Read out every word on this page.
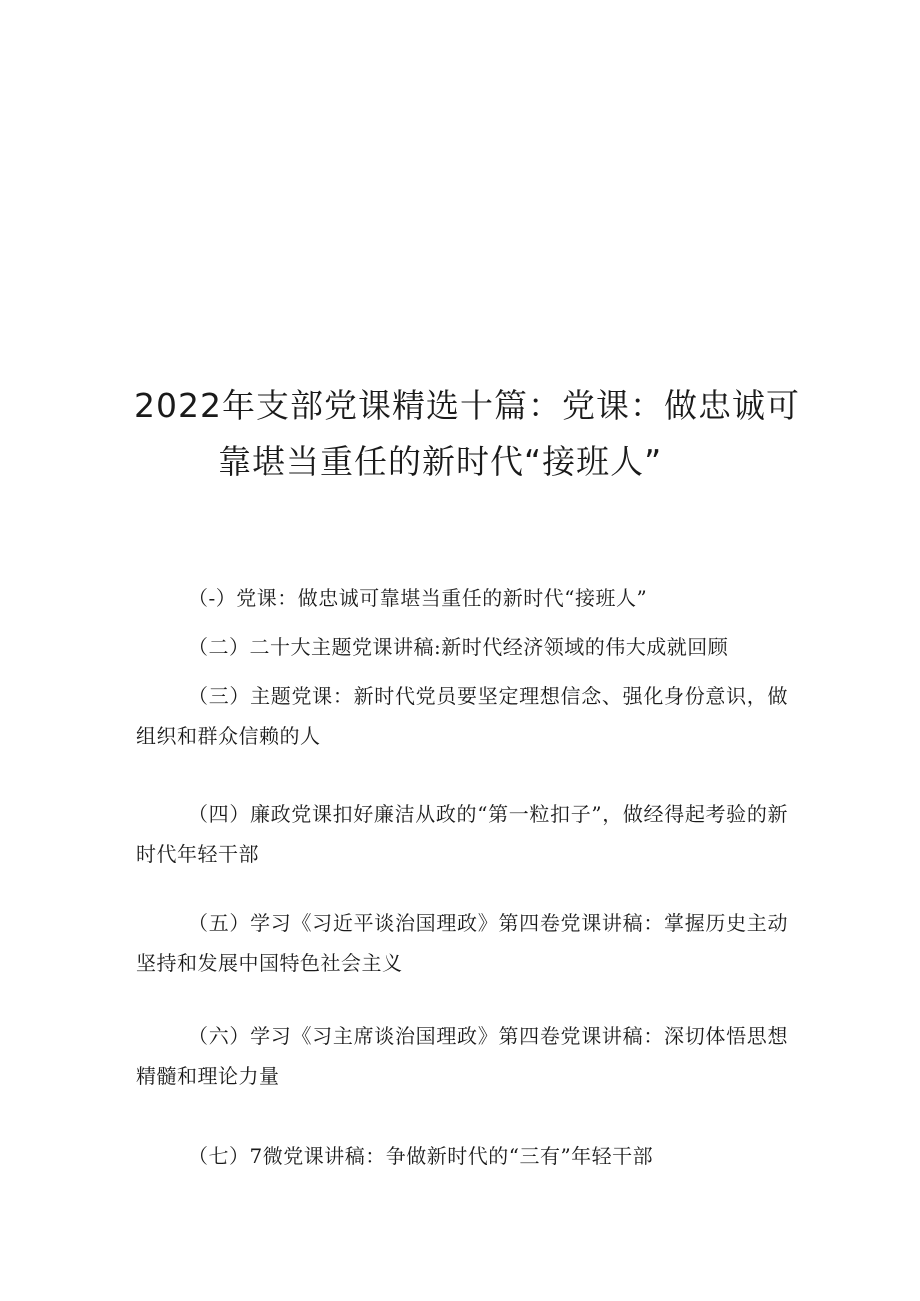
2022年支部党课精选十篇：党课：做忠诚可
靠堪当重任的新时代“接班人”
（-）党课：做忠诚可靠堪当重任的新时代“接班人”
（二）二十大主题党课讲稿:新时代经济领域的伟大成就回顾
（三）主题党课：新时代党员要坚定理想信念、强化身份意识，做组织和群众信赖的人
（四）廉政党课扣好廉洁从政的“第一粒扣子”，做经得起考验的新时代年轻干部
（五）学习《习近平谈治国理政》第四卷党课讲稿：掌握历史主动坚持和发展中国特色社会主义
（六）学习《习主席谈治国理政》第四卷党课讲稿：深切体悟思想精髓和理论力量
（七）7微党课讲稿：争做新时代的“三有”年轻干部
